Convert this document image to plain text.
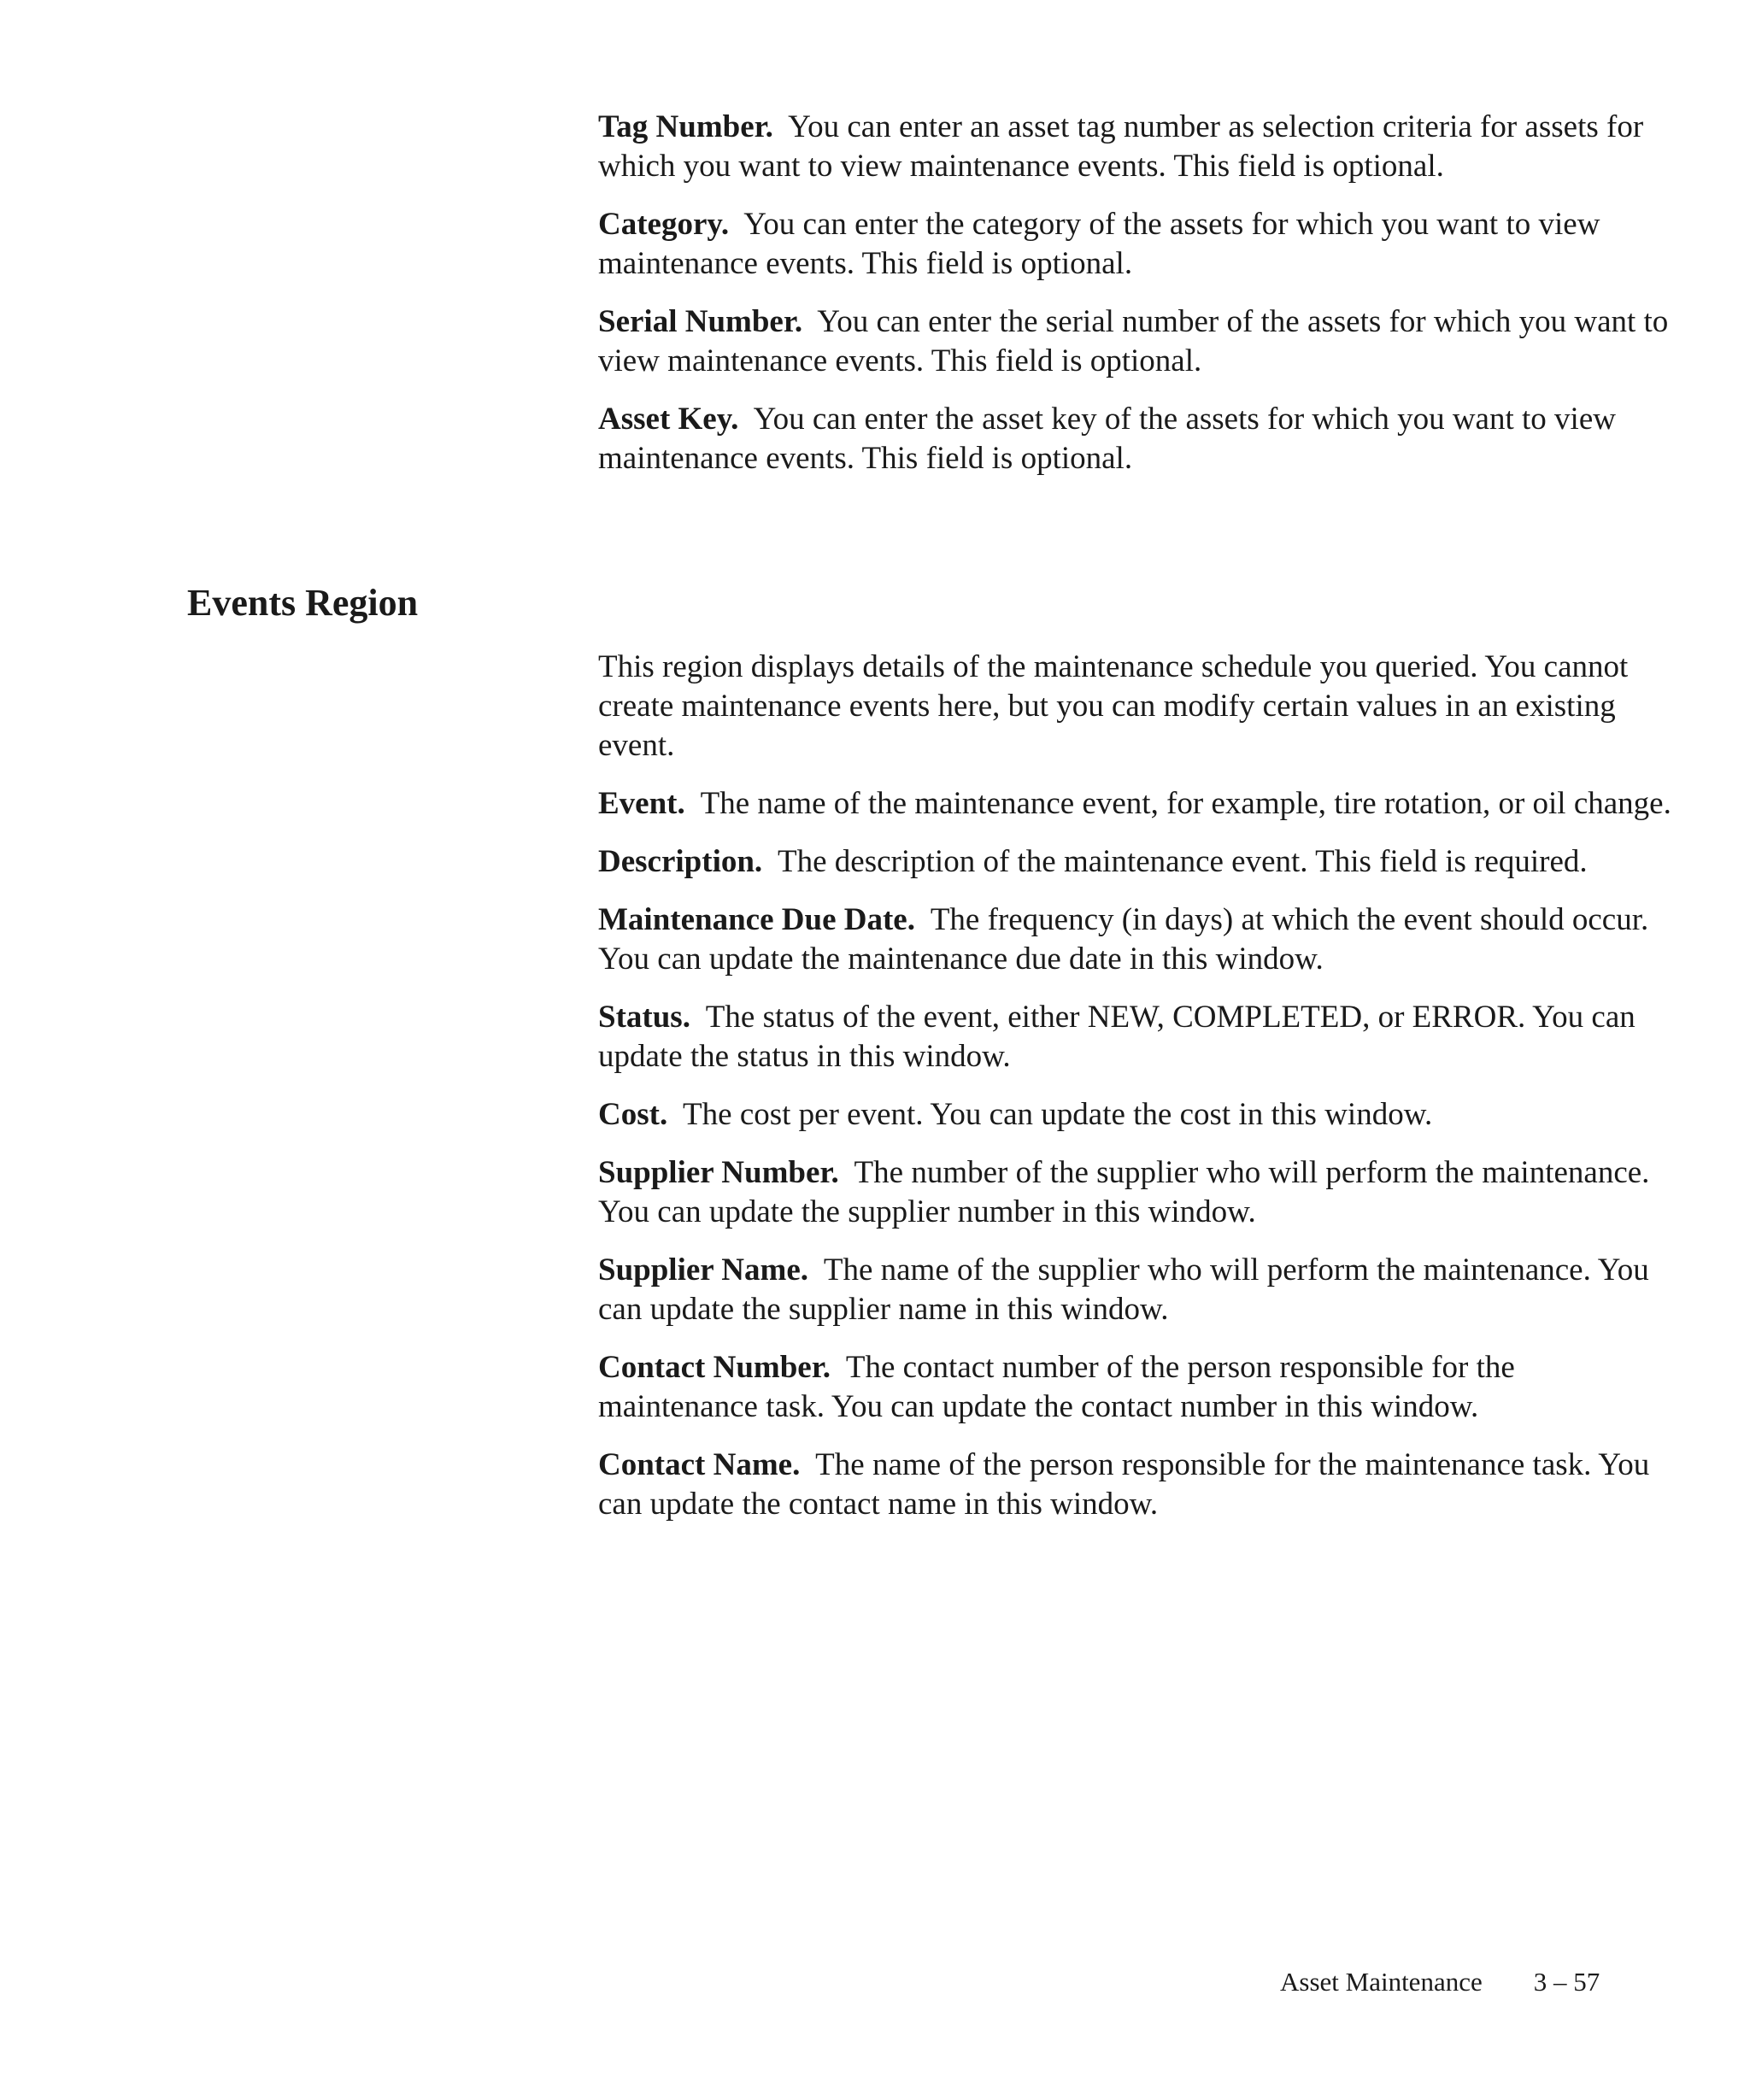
Tag Number. You can enter an asset tag number as selection criteria for assets for which you want to view maintenance events. This field is optional.

Category. You can enter the category of the assets for which you want to view maintenance events. This field is optional.

Serial Number. You can enter the serial number of the assets for which you want to view maintenance events. This field is optional.

Asset Key. You can enter the asset key of the assets for which you want to view maintenance events. This field is optional.

Events Region

This region displays details of the maintenance schedule you queried. You cannot create maintenance events here, but you can modify certain values in an existing event.

Event. The name of the maintenance event, for example, tire rotation, or oil change.

Description. The description of the maintenance event. This field is required.

Maintenance Due Date. The frequency (in days) at which the event should occur. You can update the maintenance due date in this window.

Status. The status of the event, either NEW, COMPLETED, or ERROR. You can update the status in this window.

Cost. The cost per event. You can update the cost in this window.

Supplier Number. The number of the supplier who will perform the maintenance. You can update the supplier number in this window.

Supplier Name. The name of the supplier who will perform the maintenance. You can update the supplier name in this window.

Contact Number. The contact number of the person responsible for the maintenance task. You can update the contact number in this window.

Contact Name. The name of the person responsible for the maintenance task. You can update the contact name in this window.

Asset Maintenance 3 – 57
